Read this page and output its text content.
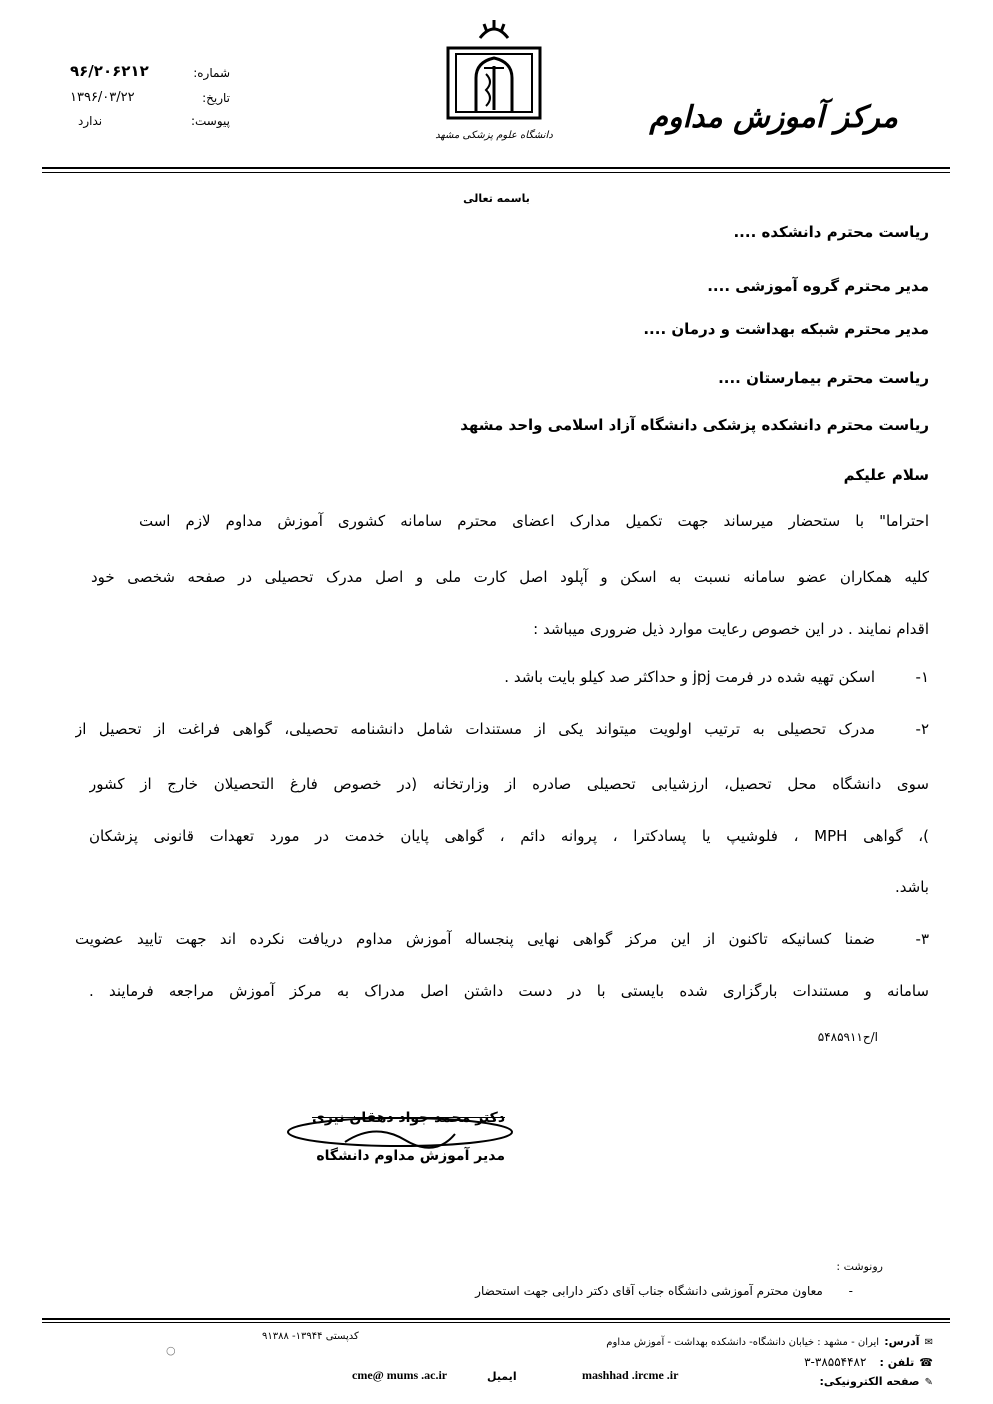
شماره:
۹۶/۲۰۶۲۱۲
تاریخ:
۱۳۹۶/۰۳/۲۲
پیوست:
ندارد
دانشگاه علوم پزشکی مشهد
مرکز آموزش مداوم
باسمه تعالی
ریاست محترم دانشکده ....
مدیر محترم گروه آموزشی ....
مدیر محترم شبکه بهداشت و درمان ....
ریاست محترم بیمارستان ....
ریاست محترم دانشکده پزشکی دانشگاه آزاد اسلامی واحد مشهد
سلام علیکم
احتراما" با ستحضار میرساند جهت تکمیل مدارک اعضای محترم سامانه کشوری آموزش مداوم لازم است
کلیه همکاران عضو سامانه نسبت به اسکن و آپلود اصل کارت ملی و اصل مدرک تحصیلی در صفحه شخصی خود
اقدام نمایند . در این خصوص رعایت موارد ذیل ضروری میباشد :
۱-
اسکن تهیه شده در فرمت jpj و حداکثر صد کیلو بایت باشد .
۲-
مدرک تحصیلی به ترتیب اولویت میتواند یکی از مستندات شامل دانشنامه تحصیلی، گواهی فراغت از تحصیل از
سوی دانشگاه محل تحصیل، ارزشیابی تحصیلی صادره از وزارتخانه (در خصوص فارغ التحصیلان خارج از کشور
)، گواهی MPH ، فلوشیپ یا پسادکترا ، پروانه دائم ، گواهی پایان خدمت در مورد تعهدات قانونی پزشکان
باشد.
۳-
ضمنا کسانیکه تاکنون از این مرکز گواهی نهایی پنجساله آموزش مداوم دریافت نکرده اند جهت تایید عضویت
سامانه و مستندات بارگزاری شده بایستی با در دست داشتن اصل مدراک به مرکز آموزش مراجعه فرمایند .
ا/ح۵۴۸۵۹۱۱
دکتر محمد جواد دهقان نیری
مدیر آموزش مداوم دانشگاه
رونوشت :
- معاون محترم آموزشی دانشگاه جناب آقای دکتر دارابی جهت استحضار
✉ آدرس: ایران - مشهد : خیابان دانشگاه- دانشکده بهداشت - آموزش مداوم
کدپستی ۱۳۹۴۴- ۹۱۳۸۸
○
☎ تلفن : ۳۸۵۵۴۴۸۲-۳
✎ صفحه الکترونیکی:
mashhad .ircme .ir
ایمیل
cme@ mums .ac.ir
